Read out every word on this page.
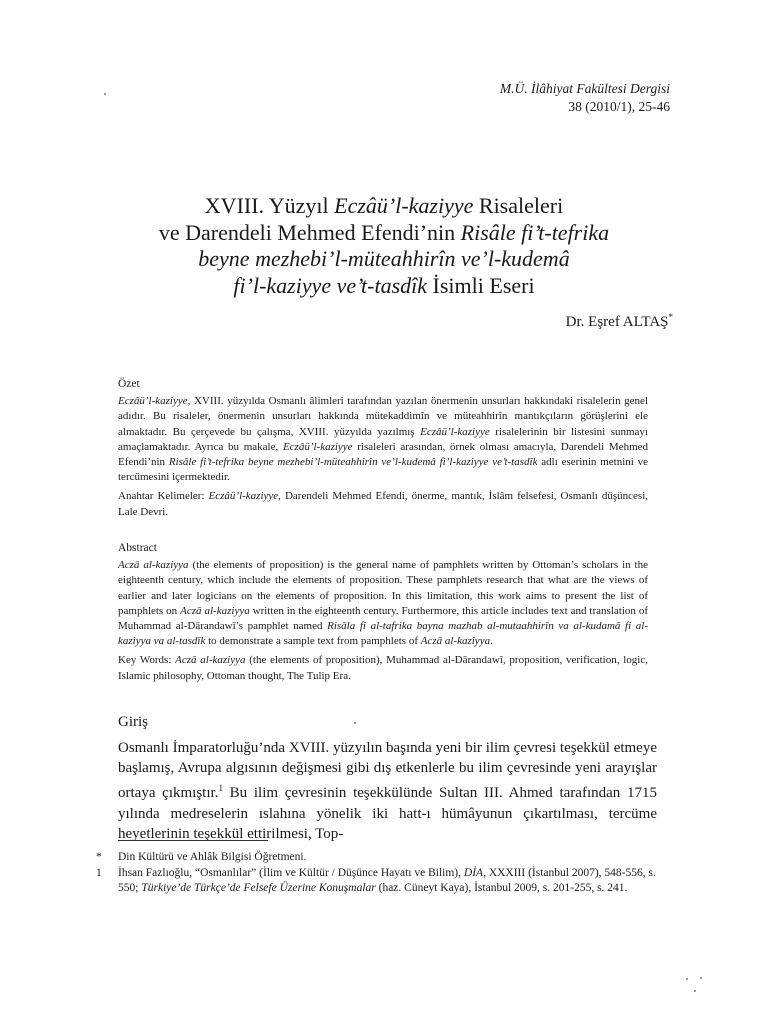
M.Ü. İlâhiyat Fakültesi Dergisi
38 (2010/1), 25-46
XVIII. Yüzyıl Eczâü’l-kaziyye Risaleleri
ve Darendeli Mehmed Efendi’nin Risâle fi’t-tefrika
beyne mezhebi’l-müteahhirîn ve’l-kudemâ
fi’l-kaziyye ve’t-tasdîk İsimli Eseri
Dr. Eşref ALTAŞ*
Özet
Eczâü’l-kaziyye, XVIII. yüzyılda Osmanlı âlimleri tarafından yazılan önermenin unsurları hakkındaki risalelerin genel adıdır. Bu risaleler, önermenin unsurları hakkında mütekaddimîn ve müteahhirîn mantıkçıların görüşlerini ele almaktadır. Bu çerçevede bu çalışma, XVIII. yüzyılda yazılmış Eczâü’l-kaziyye risalelerinin bir listesini sunmayı amaçlamaktadır. Ayrıca bu makale, Eczâü’l-kaziyye risaleleri arasından, örnek olması amacıyla, Darendeli Mehmed Efendi’nin Risâle fi’t-tefrika beyne mezhebi’l-müteahhirîn ve’l-kudemâ fi’l-kaziyye ve’t-tasdîk adlı eserinin metnini ve tercümesini içermektedir.
Anahtar Kelimeler: Eczâü’l-kaziyye, Darendeli Mehmed Efendi, önerme, mantık, İslâm felsefesi, Osmanlı düşüncesi, Lale Devri.
Abstract
Aczā al-kaziyya (the elements of proposition) is the general name of pamphlets written by Ottoman’s scholars in the eighteenth century, which include the elements of proposition. These pamphlets research that what are the views of earlier and later logicians on the elements of proposition. In this limitation, this work aims to present the list of pamphlets on Aczā al-kaziyya written in the eighteenth century. Furthermore, this article includes text and translation of Muhammad al-Dārandawī’s pamphlet named Risāla fi al-tafrika bayna mazhab al-mutaahhirīn va al-kudamā fi al-kaziyya va al-tasdīk to demonstrate a sample text from pamphlets of Aczā al-kaziyya.
Key Words: Aczā al-kaziyya (the elements of proposition), Muhammad al-Dārandawī, proposition, verification, logic, Islamic philosophy, Ottoman thought, The Tulip Era.
Giriş

Osmanlı İmparatorluğu’nda XVIII. yüzyılın başında yeni bir ilim çevresi teşekkül etmeye başlamış, Avrupa algısının değişmesi gibi dış etkenlerle bu ilim çevresinde yeni arayışlar ortaya çıkmıştır.$^1$ Bu ilim çevresinin teşekkülünde Sultan III. Ahmed tarafından 1715 yılında medreselerin ıslahına yönelik iki hatt-ı hümâyunun çıkartılması, tercüme heyetlerinin teşekkül ettirilmesi, Top-

*	Din Kültürü ve Ahlâk Bilgisi Öğretmeni.
1	İhsan Fazlıoğlu, “Osmanlılar” (İlim ve Kültür / Düşünce Hayatı ve Bilim), DİA, XXXIII (İstanbul 2007), 548-556, s. 550; Türkiye’de Türkçe’de Felsefe Üzerine Konuşmalar (haz. Cüneyt Kaya), İstanbul 2009, s. 201-255, s. 241.
